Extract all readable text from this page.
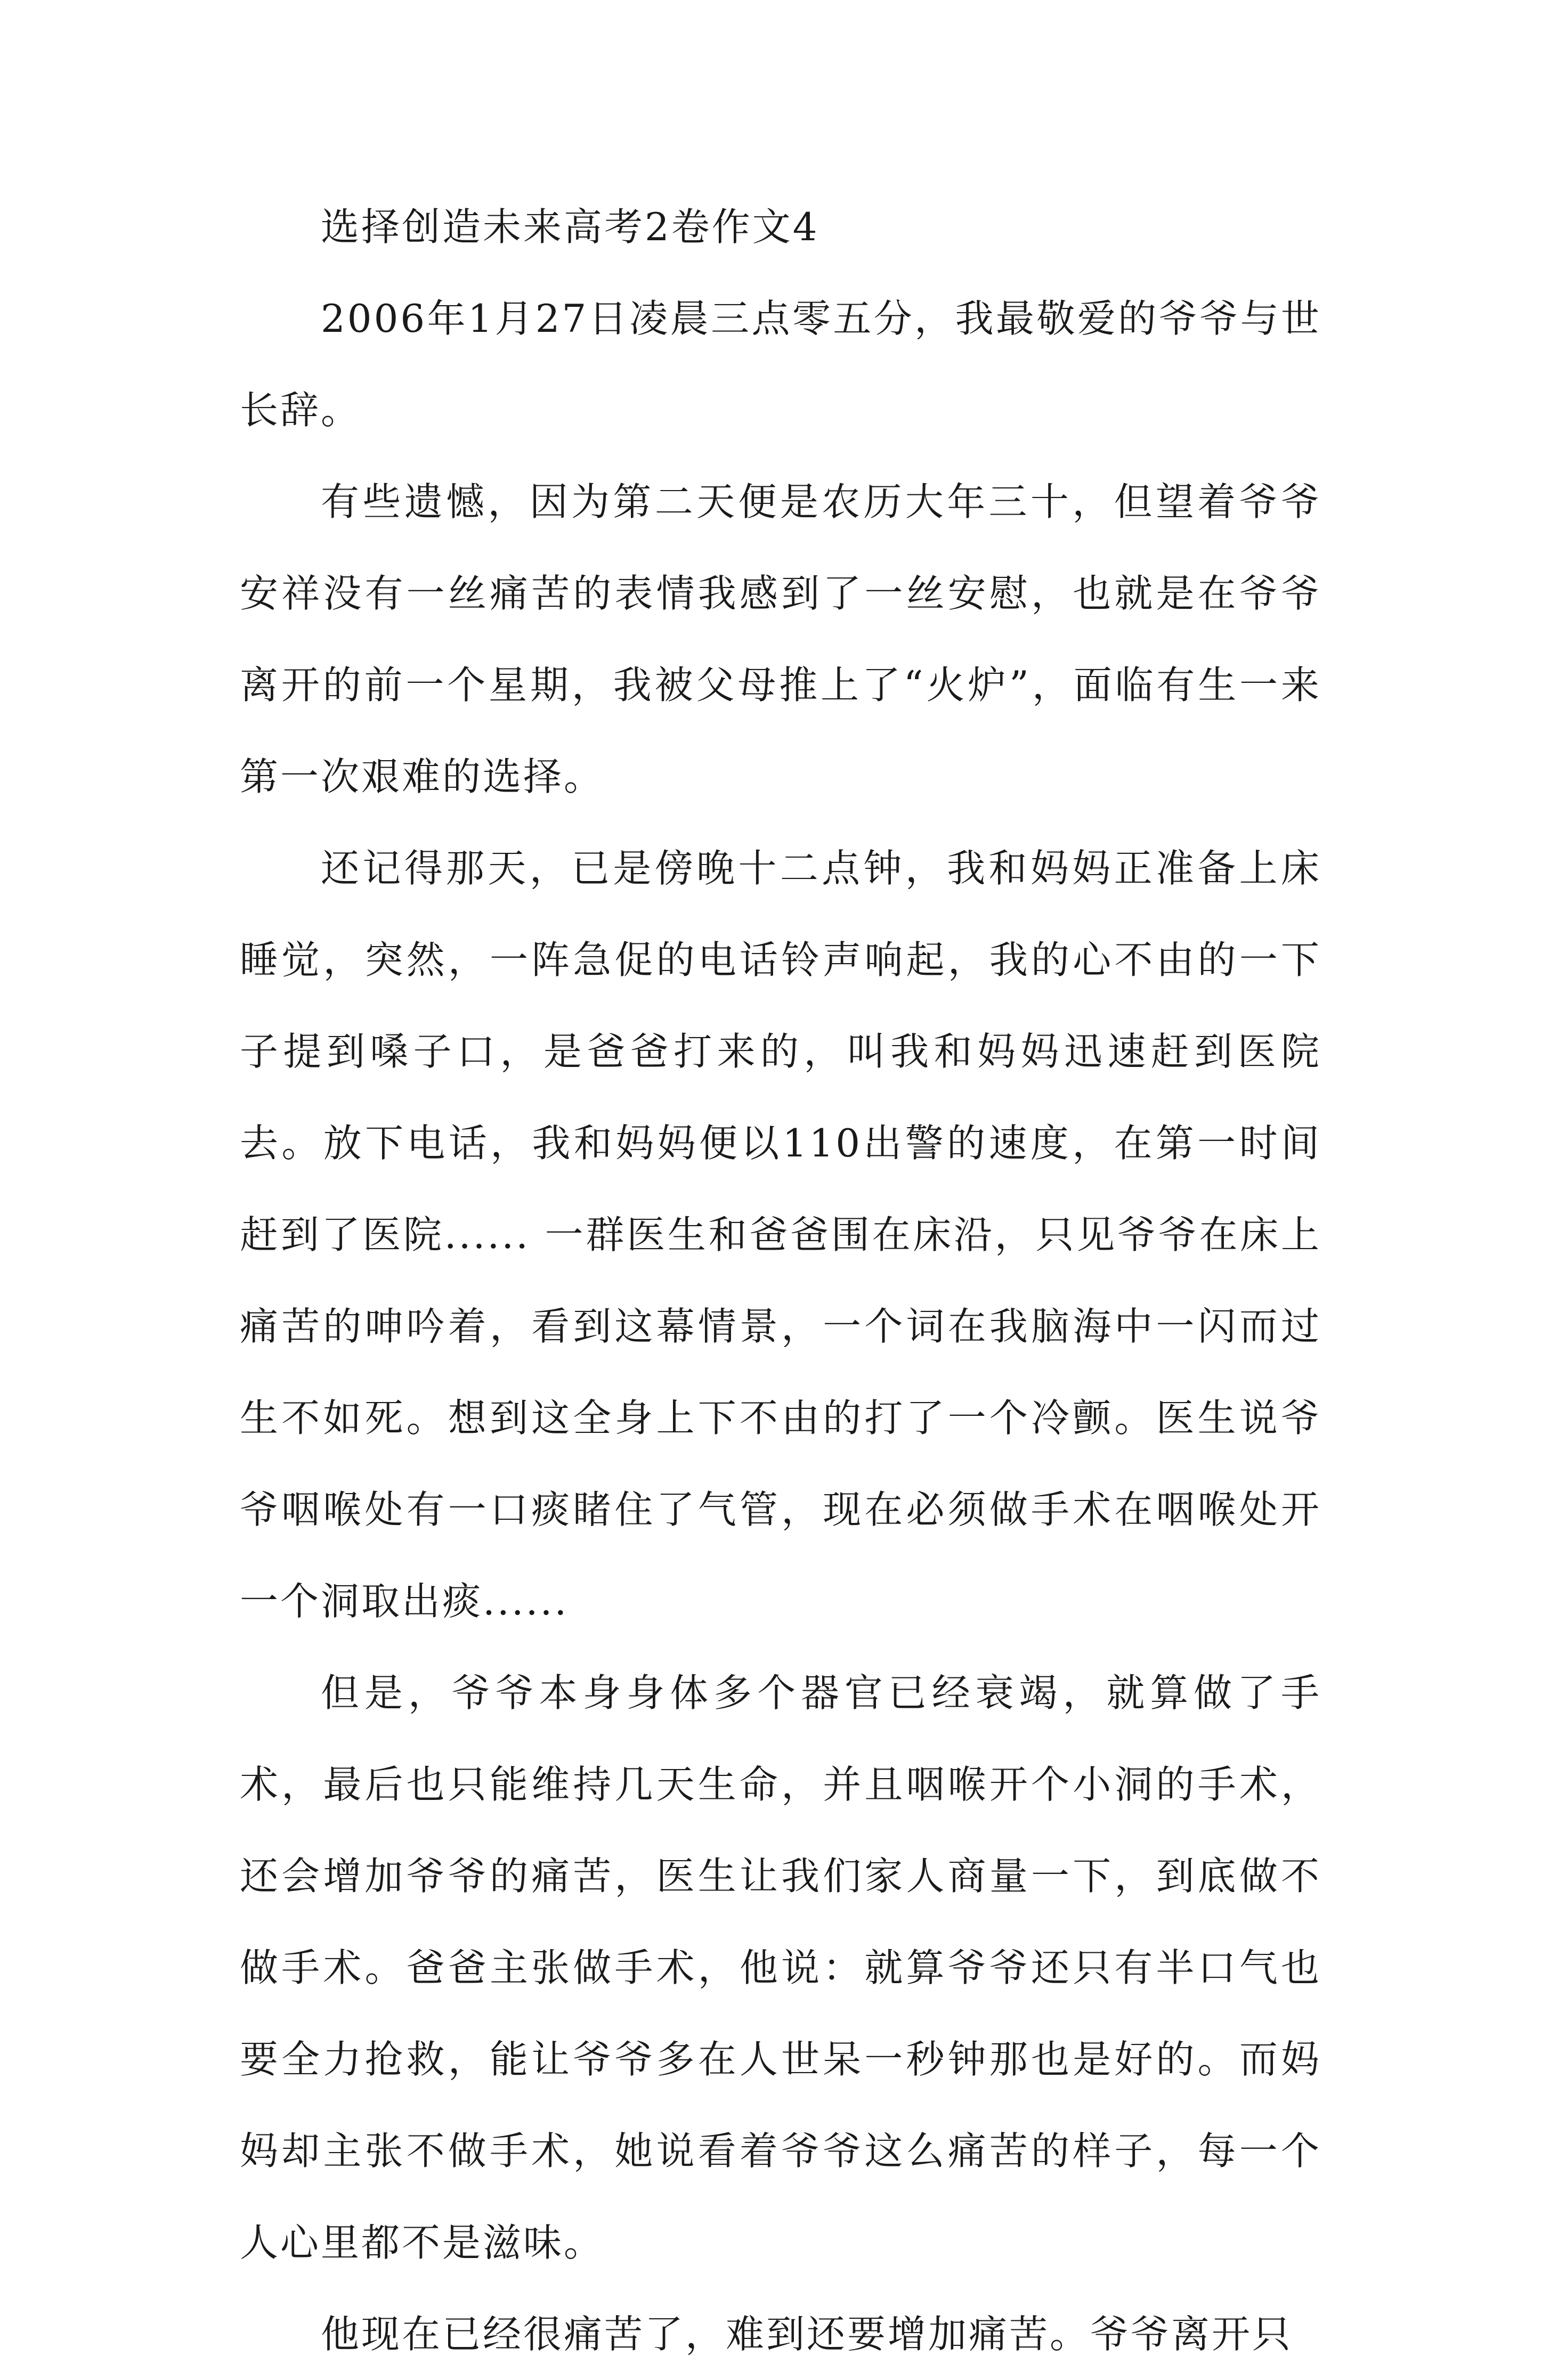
选择创造未来高考2卷作文4

2006年1月27日凌晨三点零五分，我最敬爱的爷爷与世长辞。

有些遗憾，因为第二天便是农历大年三十，但望着爷爷安祥没有一丝痛苦的表情我感到了一丝安慰，也就是在爷爷离开的前一个星期，我被父母推上了“火炉”，面临有生一来第一次艰难的选择。

还记得那天，已是傍晚十二点钟，我和妈妈正准备上床睡觉，突然，一阵急促的电话铃声响起，我的心不由的一下子提到嗓子口，是爸爸打来的，叫我和妈妈迅速赶到医院去。放下电话，我和妈妈便以110出警的速度，在第一时间赶到了医院...... 一群医生和爸爸围在床沿，只见爷爷在床上痛苦的呻吟着，看到这幕情景，一个词在我脑海中一闪而过生不如死。想到这全身上下不由的打了一个冷颤。医生说爷爷咽喉处有一口痰睹住了气管，现在必须做手术在咽喉处开一个洞取出痰......

但是，爷爷本身身体多个器官已经衰竭，就算做了手术，最后也只能维持几天生命，并且咽喉开个小洞的手术，还会增加爷爷的痛苦，医生让我们家人商量一下，到底做不做手术。爸爸主张做手术，他说：就算爷爷还只有半口气也要全力抢救，能让爷爷多在人世呆一秒钟那也是好的。而妈妈却主张不做手术，她说看着爷爷这么痛苦的样子，每一个人心里都不是滋味。

他现在已经很痛苦了，难到还要增加痛苦。爷爷离开只
